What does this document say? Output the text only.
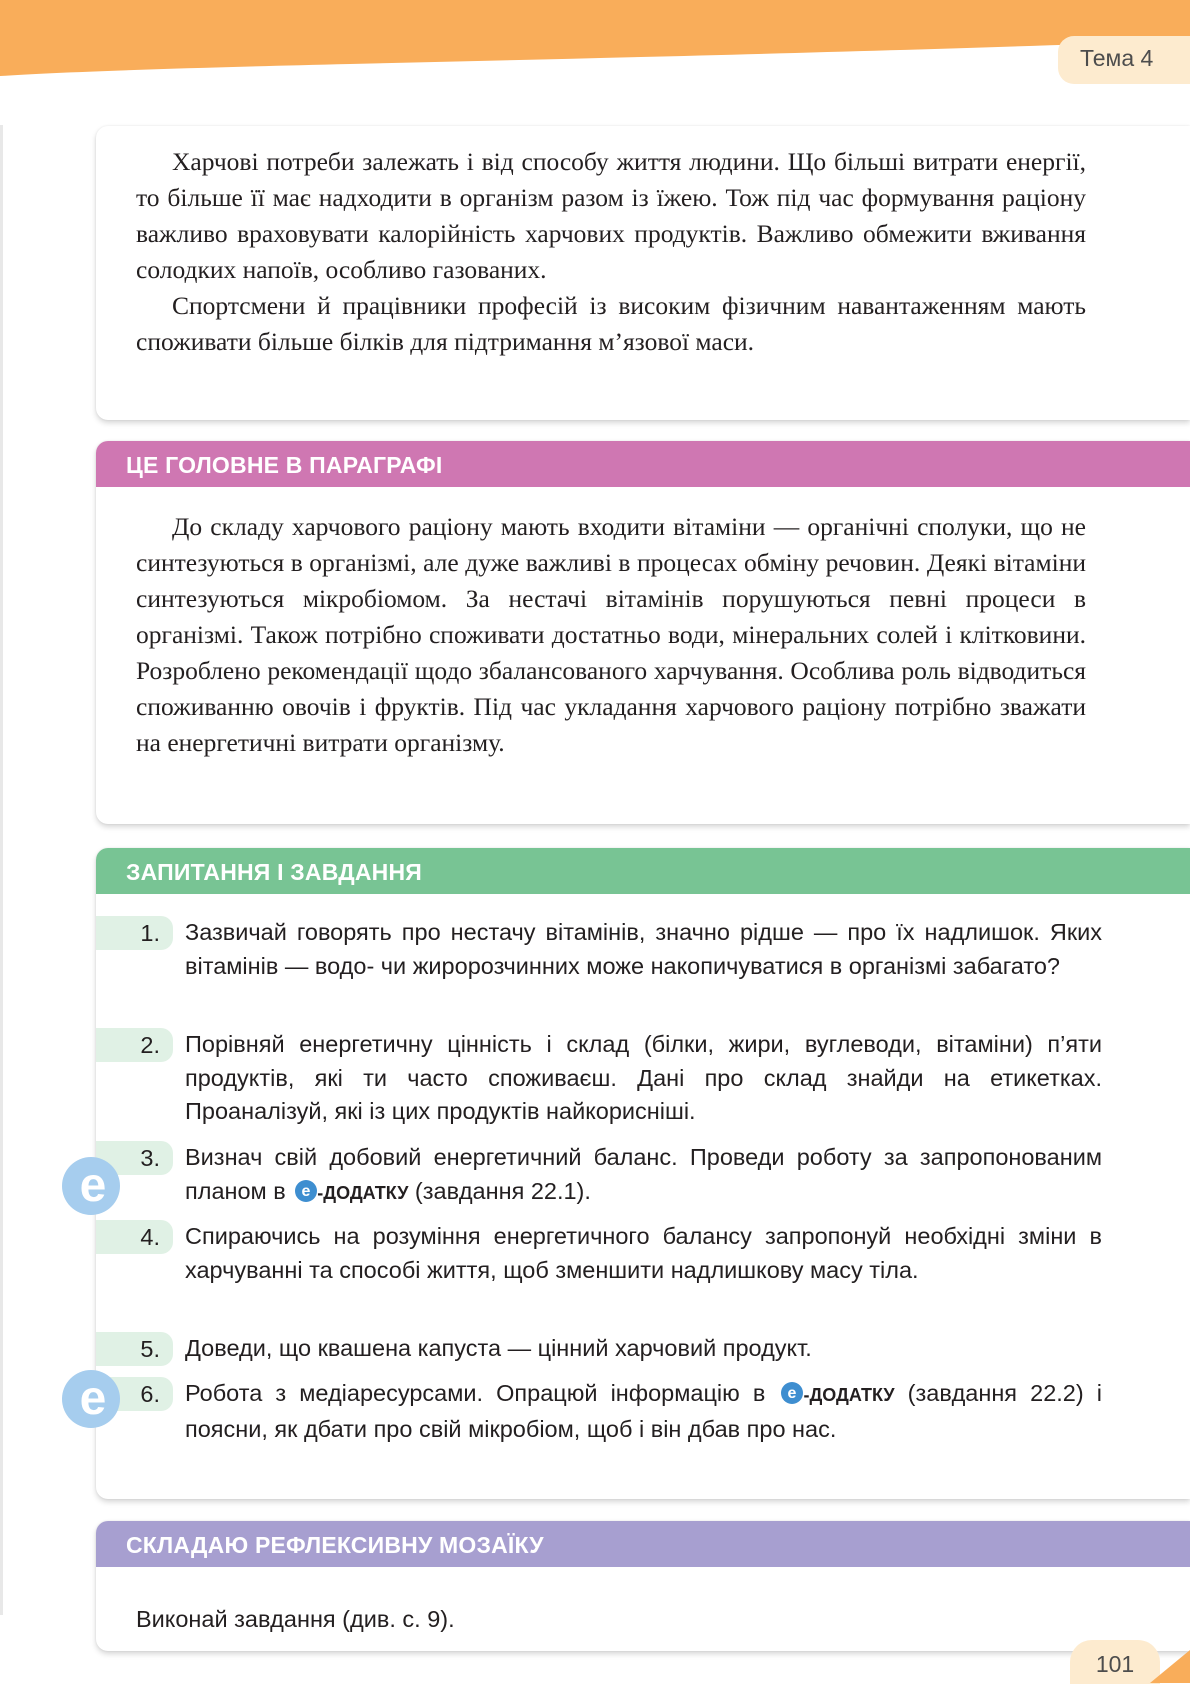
Тема 4

Харчові потреби залежать і від способу життя людини. Що більші витрати енергії, то більше її має надходити в організм разом із їжею. Тож під час формування раціону важливо враховувати калорійність харчових продуктів. Важливо обмежити вживання солодких напоїв, особливо газованих.

Спортсмени й працівники професій із високим фізичним навантаженням мають споживати більше білків для підтримання м’язової маси.

ЦЕ ГОЛОВНЕ В ПАРАГРАФІ

До складу харчового раціону мають входити вітаміни — органічні сполуки, що не синтезуються в організмі, але дуже важливі в процесах обміну речовин. Деякі вітаміни синтезуються мікробіомом. За нестачі вітамінів порушуються певні процеси в організмі. Також потрібно споживати достатньо води, мінеральних солей і клітковини. Розроблено рекомендації щодо збалансованого харчування. Особлива роль відводиться споживанню овочів і фруктів. Під час укладання харчового раціону потрібно зважати на енергетичні витрати організму.

ЗАПИТАННЯ І ЗАВДАННЯ
1.	Зазвичай говорять про нестачу вітамінів, значно рідше — про їх надлишок. Яких вітамінів — водо- чи жиророзчинних може накопичуватися в організмі забагато?

2.	Порівняй енергетичну цінність і склад (білки, жири, вуглеводи, вітаміни) п’яти продуктів, які ти часто споживаєш. Дані про склад знайди на етикетках. Проаналізуй, які із цих продуктів найкорисніші.

3.	Визнач свій добовий енергетичний баланс. Проведи роботу за запропонованим планом в e -ДОДАТКУ (завдання 22.1).

4.	Спираючись на розуміння енергетичного балансу запропонуй необхідні зміни в харчуванні та способі життя, щоб зменшити надлишкову масу тіла.

5.	Доведи, що квашена капуста — цінний харчовий продукт.

6.	Робота з медіаресурсами. Опрацюй інформацію в e -ДОДАТКУ (завдання 22.2) і поясни, як дбати про свій мікробіом, щоб і він дбав про нас.

e
e
СКЛАДАЮ РЕФЛЕКСИВНУ МОЗАЇКУ

Виконай завдання (див. с. 9).

101
